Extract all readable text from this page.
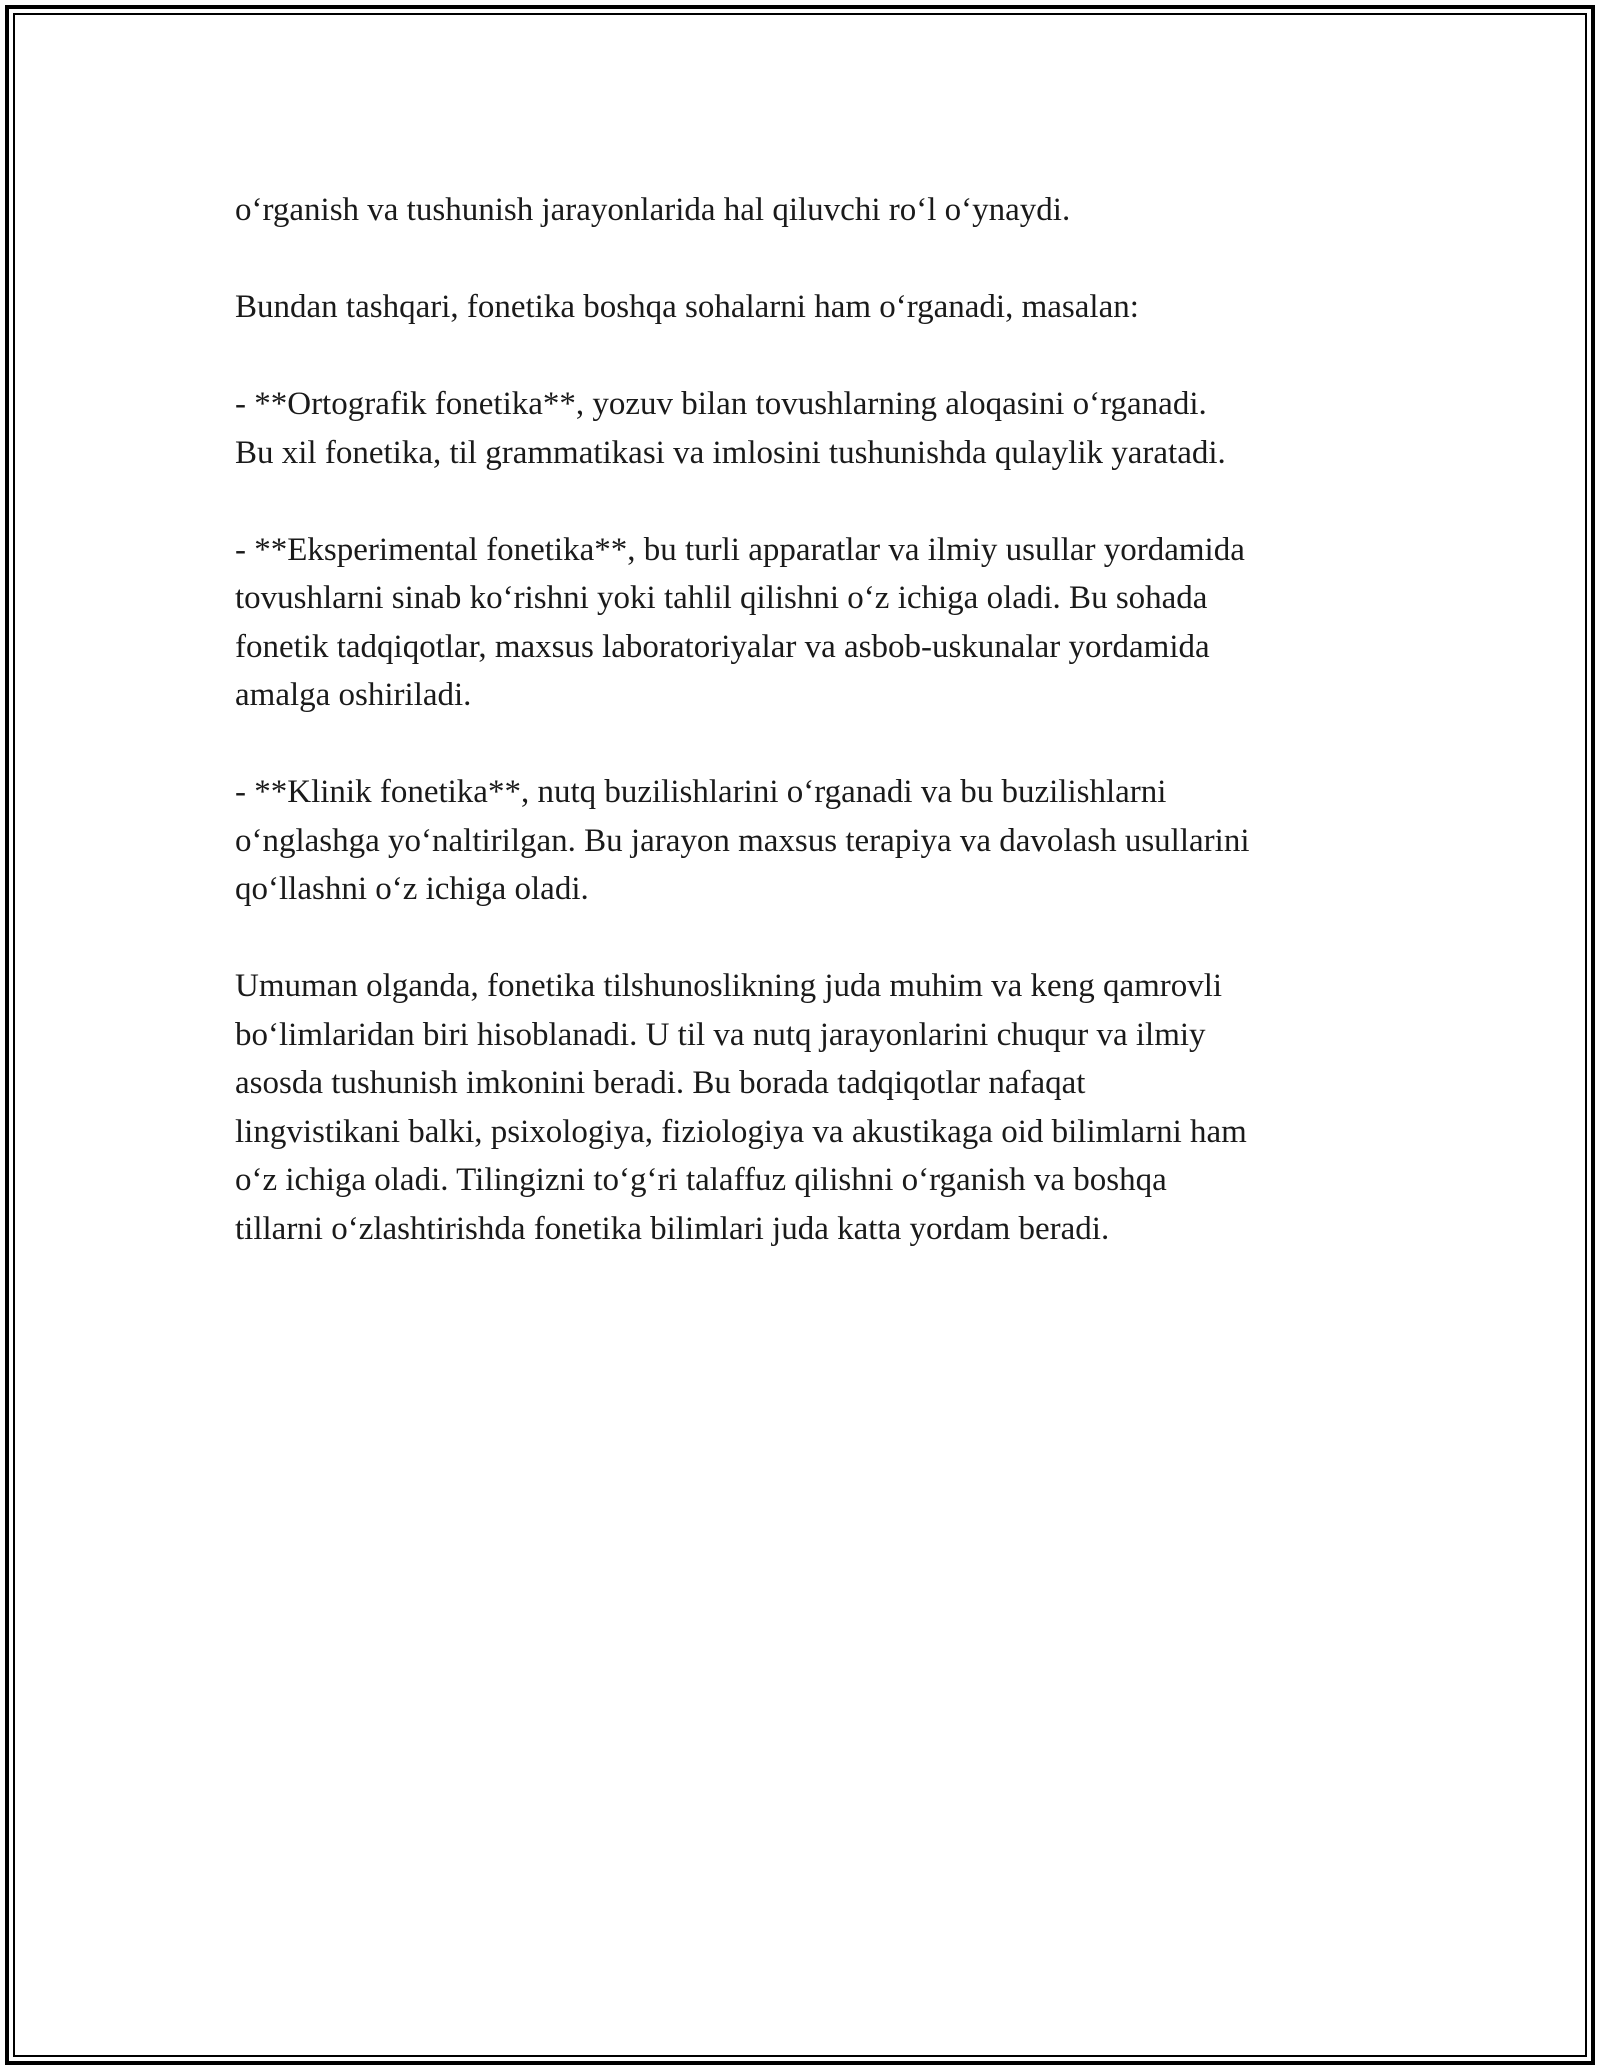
o‘rganish va tushunish jarayonlarida hal qiluvchi ro‘l o‘ynaydi.

Bundan tashqari, fonetika boshqa sohalarni ham o‘rganadi, masalan:

- **Ortografik fonetika**, yozuv bilan tovushlarning aloqasini o‘rganadi.
Bu xil fonetika, til grammatikasi va imlosini tushunishda qulaylik yaratadi.

- **Eksperimental fonetika**, bu turli apparatlar va ilmiy usullar yordamida
tovushlarni sinab ko‘rishni yoki tahlil qilishni o‘z ichiga oladi. Bu sohada
fonetik tadqiqotlar, maxsus laboratoriyalar va asbob-uskunalar yordamida
amalga oshiriladi.

- **Klinik fonetika**, nutq buzilishlarini o‘rganadi va bu buzilishlarni
o‘nglashga yo‘naltirilgan. Bu jarayon maxsus terapiya va davolash usullarini
qo‘llashni o‘z ichiga oladi.

Umuman olganda, fonetika tilshunoslikning juda muhim va keng qamrovli
bo‘limlaridan biri hisoblanadi. U til va nutq jarayonlarini chuqur va ilmiy
asosda tushunish imkonini beradi. Bu borada tadqiqotlar nafaqat
lingvistikani balki, psixologiya, fiziologiya va akustikaga oid bilimlarni ham
o‘z ichiga oladi. Tilingizni to‘g‘ri talaffuz qilishni o‘rganish va boshqa
tillarni o‘zlashtirishda fonetika bilimlari juda katta yordam beradi.
